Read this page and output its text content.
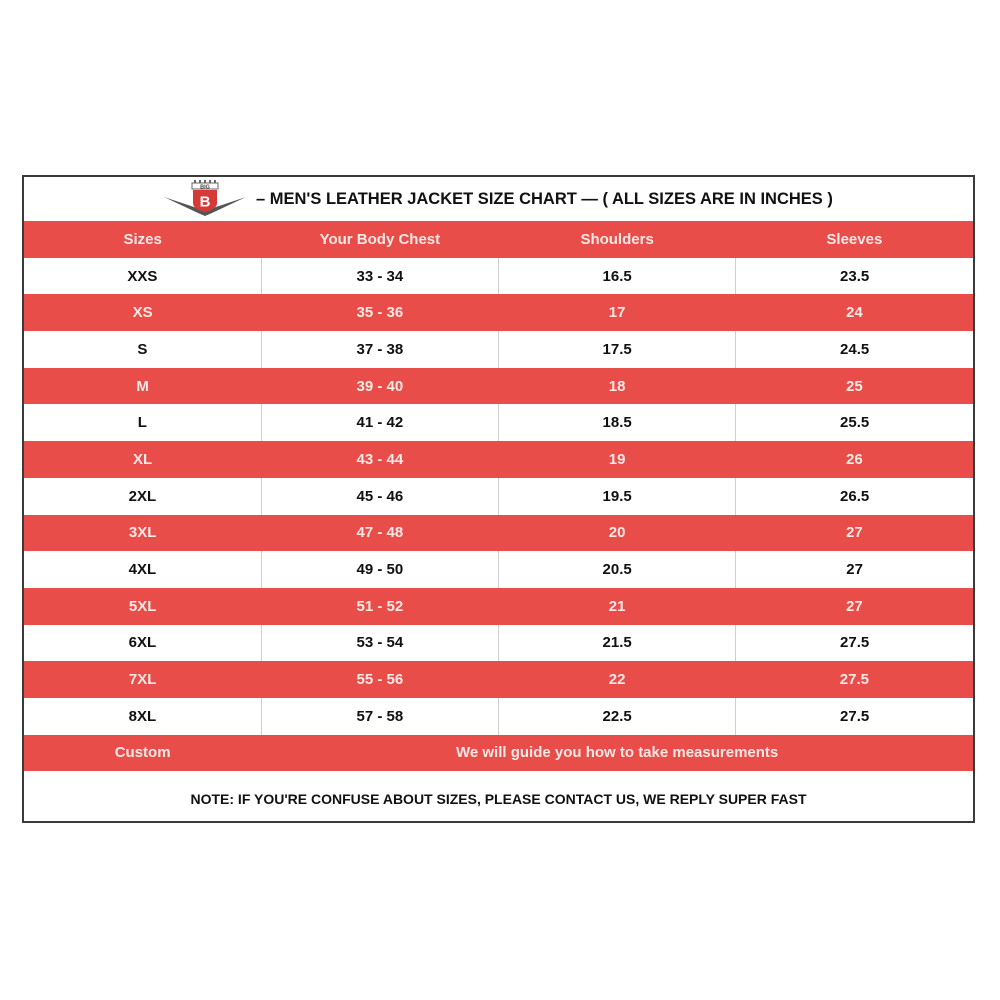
BIG
B	– MEN'S LEATHER JACKET SIZE CHART — ( ALL SIZES ARE IN INCHES )
Sizes	Your Body Chest	Shoulders	Sleeves
XXS	33 - 34	16.5	23.5
XS	35 - 36	17	24
S	37 - 38	17.5	24.5
M	39 - 40	18	25
L	41 - 42	18.5	25.5
XL	43 - 44	19	26
2XL	45 - 46	19.5	26.5
3XL	47 - 48	20	27
4XL	49 - 50	20.5	27
5XL	51 - 52	21	27
6XL	53 - 54	21.5	27.5
7XL	55 - 56	22	27.5
8XL	57 - 58	22.5	27.5
Custom	We will guide you how to take measurements		
NOTE: IF YOU'RE CONFUSE ABOUT SIZES, PLEASE CONTACT US, WE REPLY SUPER FAST
